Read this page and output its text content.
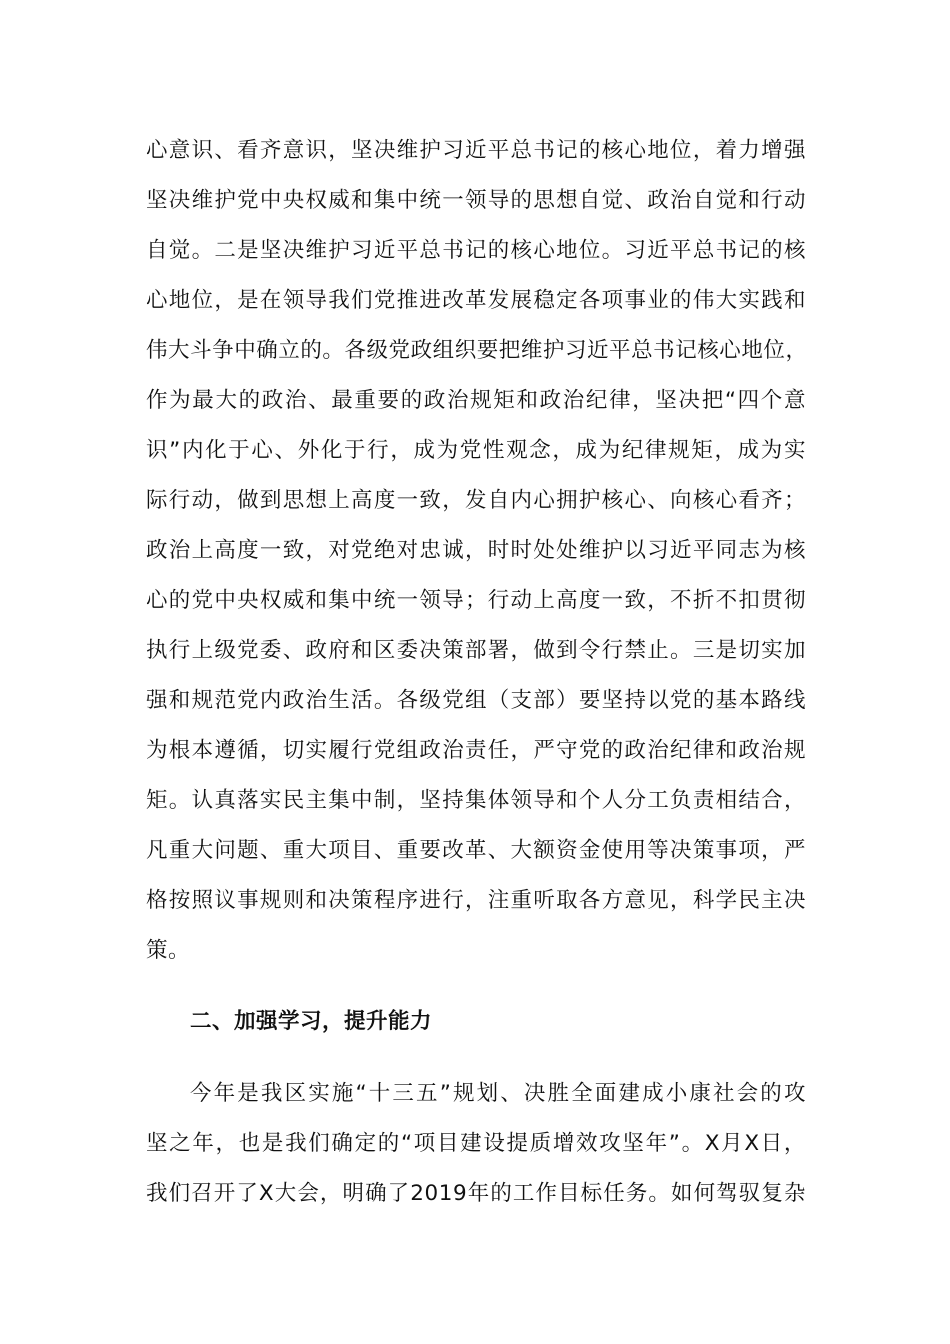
心意识、看齐意识，坚决维护习近平总书记的核心地位，着力增强
坚决维护党中央权威和集中统一领导的思想自觉、政治自觉和行动
自觉。二是坚决维护习近平总书记的核心地位。习近平总书记的核
心地位，是在领导我们党推进改革发展稳定各项事业的伟大实践和
伟大斗争中确立的。各级党政组织要把维护习近平总书记核心地位，
作为最大的政治、最重要的政治规矩和政治纪律，坚决把“四个意
识”内化于心、外化于行，成为党性观念，成为纪律规矩，成为实
际行动，做到思想上高度一致，发自内心拥护核心、向核心看齐；
政治上高度一致，对党绝对忠诚，时时处处维护以习近平同志为核
心的党中央权威和集中统一领导；行动上高度一致，不折不扣贯彻
执行上级党委、政府和区委决策部署，做到令行禁止。三是切实加
强和规范党内政治生活。各级党组（支部）要坚持以党的基本路线
为根本遵循，切实履行党组政治责任，严守党的政治纪律和政治规
矩。认真落实民主集中制，坚持集体领导和个人分工负责相结合，
凡重大问题、重大项目、重要改革、大额资金使用等决策事项，严
格按照议事规则和决策程序进行，注重听取各方意见，科学民主决
策。
二、加强学习，提升能力
今年是我区实施“十三五”规划、决胜全面建成小康社会的攻
坚之年，也是我们确定的“项目建设提质增效攻坚年”。X月X日，
我们召开了X大会，明确了2019年的工作目标任务。如何驾驭复杂
